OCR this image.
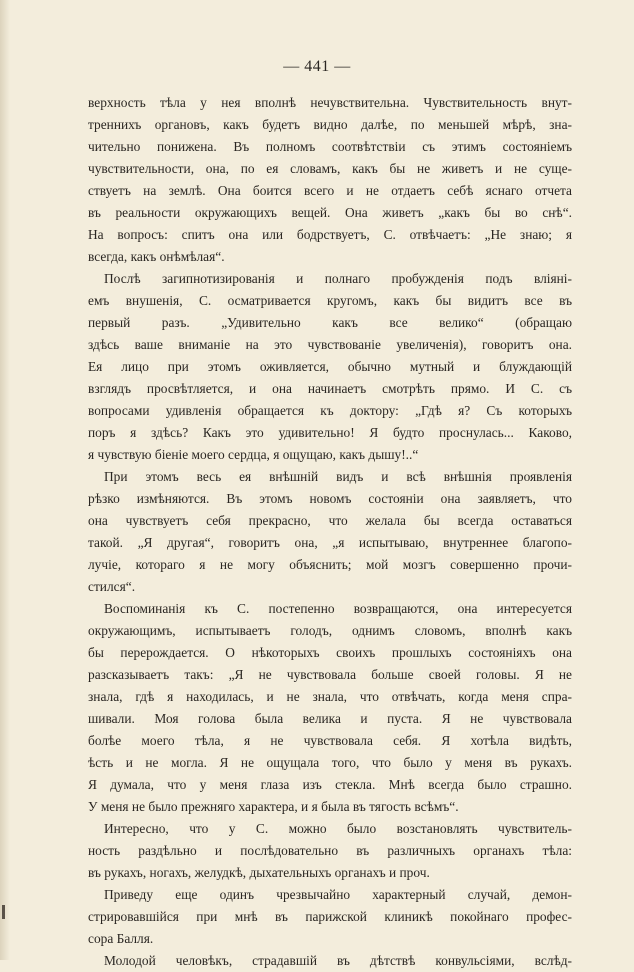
— 441 —
верхность тѣла у нея вполнѣ нечувствительна. Чувствительность внут-
треннихъ органовъ, какъ будетъ видно далѣе, по меньшей мѣрѣ, зна-
чительно понижена. Въ полномъ соотвѣтствіи съ этимъ состояніемъ
чувствительности, она, по ея словамъ, какъ бы не живетъ и не суще-
ствуетъ на землѣ. Она боится всего и не отдаетъ себѣ яснаго отчета
въ реальности окружающихъ вещей. Она живетъ „какъ бы во снѣ“.
На вопросъ: спитъ она или бодрствуетъ, С. отвѣчаетъ: „Не знаю; я
всегда, какъ онѣмѣлая“.
Послѣ загипнотизированія и полнаго пробужденія подъ вліяні-
емъ внушенія, С. осматривается кругомъ, какъ бы видитъ все въ
первый разъ. „Удивительно какъ все велико“ (обращаю
здѣсь ваше вниманіе на это чувствованіе увеличенія), говоритъ она.
Ея лицо при этомъ оживляется, обычно мутный и блуждающій
взглядъ просвѣтляется, и она начинаетъ смотрѣть прямо. И С. съ
вопросами удивленія обращается къ доктору: „Гдѣ я? Съ которыхъ
поръ я здѣсь? Какъ это удивительно! Я будто проснулась... Каково,
я чувствую біеніе моего сердца, я ощущаю, какъ дышу!..“
При этомъ весь ея внѣшній видъ и всѣ внѣшнія проявленія
рѣзко измѣняются. Въ этомъ новомъ состояніи она заявляетъ, что
она чувствуетъ себя прекрасно, что желала бы всегда оставаться
такой. „Я другая“, говоритъ она, „я испытываю, внутреннее благопо-
лучіе, котораго я не могу объяснить; мой мозгъ совершенно прочи-
стился“.
Воспоминанія къ С. постепенно возвращаются, она интересуется
окружающимъ, испытываетъ голодъ, однимъ словомъ, вполнѣ какъ
бы перерождается. О нѣкоторыхъ своихъ прошлыхъ состояніяхъ она
разсказываетъ такъ: „Я не чувствовала больше своей головы. Я не
знала, гдѣ я находилась, и не знала, что отвѣчать, когда меня спра-
шивали. Моя голова была велика и пуста. Я не чувствовала
болѣе моего тѣла, я не чувствовала себя. Я хотѣла видѣть,
ѣсть и не могла. Я не ощущала того, что было у меня въ рукахъ.
Я думала, что у меня глаза изъ стекла. Мнѣ всегда было страшно.
У меня не было прежняго характера, и я была въ тягость всѣмъ“.
Интересно, что у С. можно было возстановлять чувствитель-
ность раздѣльно и послѣдовательно въ различныхъ органахъ тѣла:
въ рукахъ, ногахъ, желудкѣ, дыхательныхъ органахъ и проч.
Приведу еще одинъ чрезвычайно характерный случай, демон-
стрировавшійся при мнѣ въ парижской клиникѣ покойнаго профес-
сора Балля.
Молодой человѣкъ, страдавшій въ дѣтствѣ конвульсіями, вслѣд-
